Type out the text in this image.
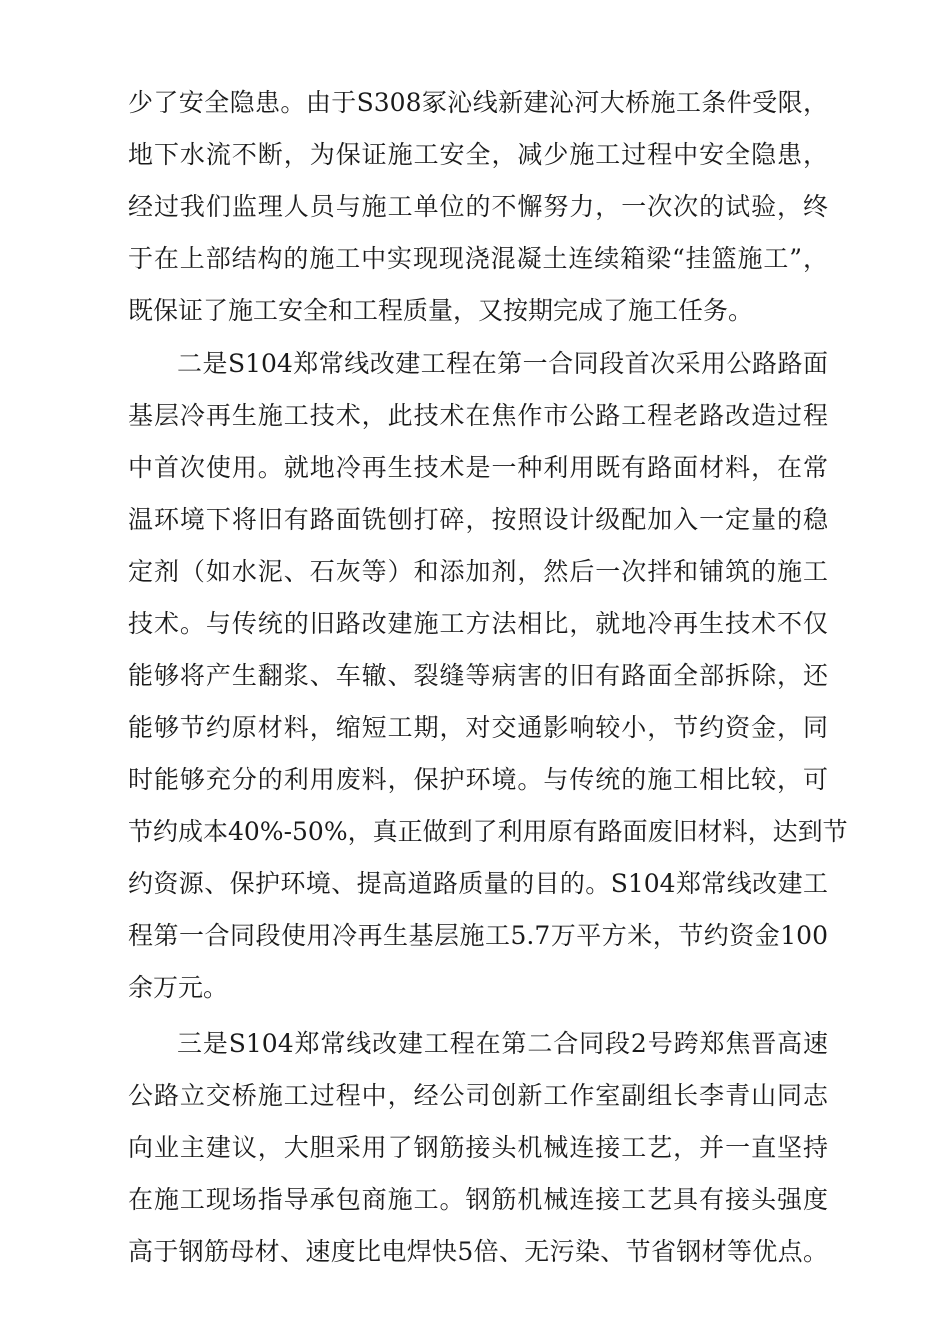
少了安全隐患。由于S308冢沁线新建沁河大桥施工条件受限，
地下水流不断，为保证施工安全，减少施工过程中安全隐患，
经过我们监理人员与施工单位的不懈努力，一次次的试验，终
于在上部结构的施工中实现现浇混凝土连续箱梁“挂篮施工”，
既保证了施工安全和工程质量，又按期完成了施工任务。
二是S104郑常线改建工程在第一合同段首次采用公路路面
基层冷再生施工技术，此技术在焦作市公路工程老路改造过程
中首次使用。就地冷再生技术是一种利用既有路面材料，在常
温环境下将旧有路面铣刨打碎，按照设计级配加入一定量的稳
定剂（如水泥、石灰等）和添加剂，然后一次拌和铺筑的施工
技术。与传统的旧路改建施工方法相比，就地冷再生技术不仅
能够将产生翻浆、车辙、裂缝等病害的旧有路面全部拆除，还
能够节约原材料，缩短工期，对交通影响较小，节约资金，同
时能够充分的利用废料，保护环境。与传统的施工相比较，可
节约成本40%-50%，真正做到了利用原有路面废旧材料，达到节
约资源、保护环境、提高道路质量的目的。S104郑常线改建工
程第一合同段使用冷再生基层施工5.7万平方米，节约资金100
余万元。
三是S104郑常线改建工程在第二合同段2号跨郑焦晋高速
公路立交桥施工过程中，经公司创新工作室副组长李青山同志
向业主建议，大胆采用了钢筋接头机械连接工艺，并一直坚持
在施工现场指导承包商施工。钢筋机械连接工艺具有接头强度
高于钢筋母材、速度比电焊快5倍、无污染、节省钢材等优点。
